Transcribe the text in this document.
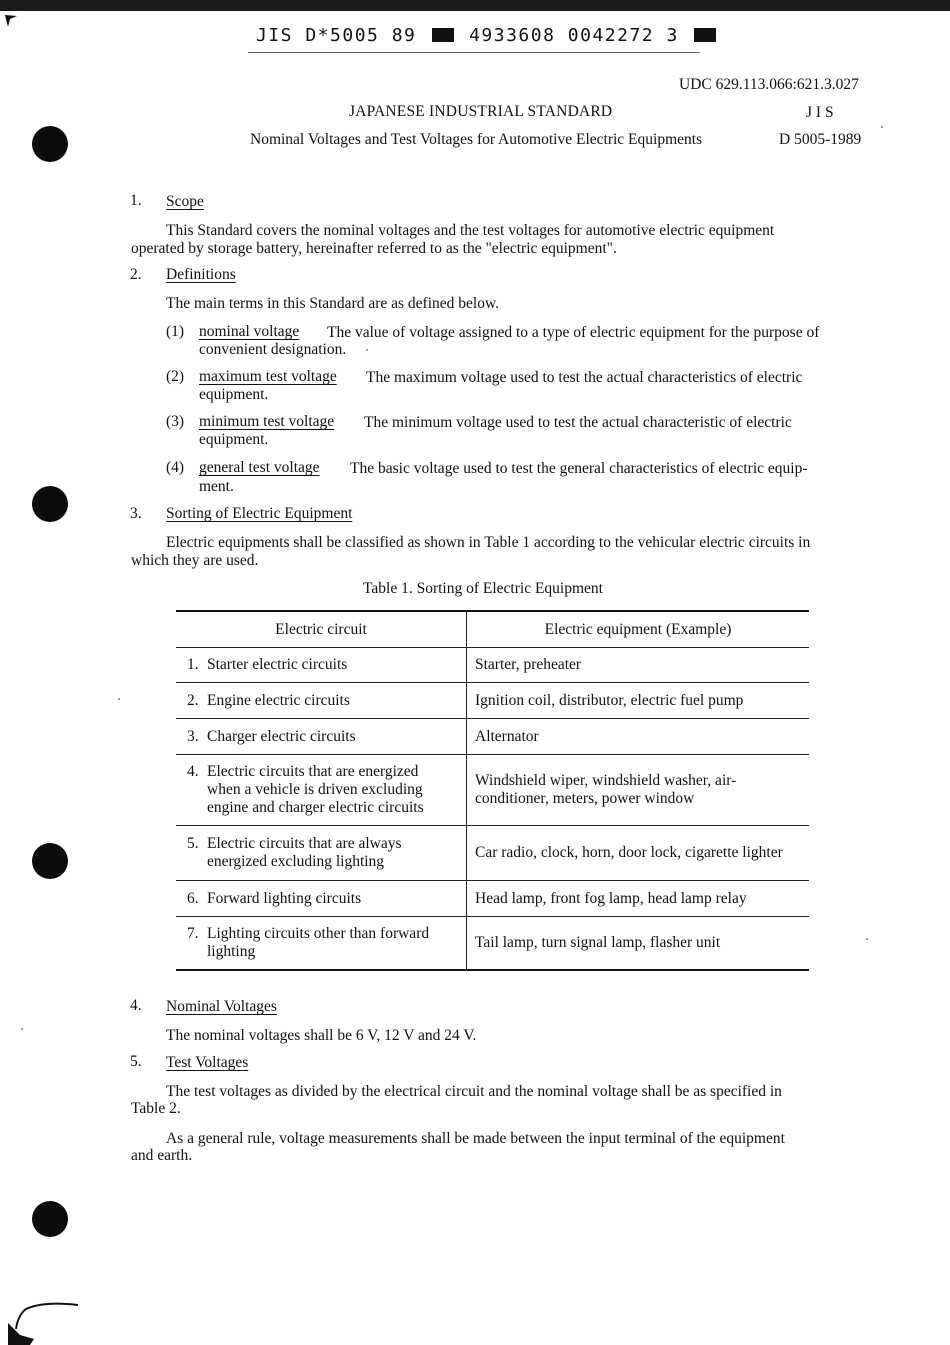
JIS D*5005 89	4933608 0042272 3
UDC 629.113.066:621.3.027
JAPANESE INDUSTRIAL STANDARD	J I S
Nominal Voltages and Test Voltages for Automotive Electric Equipments	D 5005-1989
1. Scope
This Standard covers the nominal voltages and the test voltages for automotive electric equipment
operated by storage battery, hereinafter referred to as the "electric equipment".
2. Definitions
The main terms in this Standard are as defined below.
(1) nominal voltage The value of voltage assigned to a type of electric equipment for the purpose of
convenient designation.
(2) maximum test voltage The maximum voltage used to test the actual characteristics of electric
equipment.
(3) minimum test voltage The minimum voltage used to test the actual characteristic of electric
equipment.
(4) general test voltage The basic voltage used to test the general characteristics of electric equip-
ment.
3. Sorting of Electric Equipment
Electric equipments shall be classified as shown in Table 1 according to the vehicular electric circuits in
which they are used.
Table 1. Sorting of Electric Equipment
Electric circuit	Electric equipment (Example)
1. Starter electric circuits	Starter, preheater
2. Engine electric circuits	Ignition coil, distributor, electric fuel pump
3. Charger electric circuits	Alternator
4. Electric circuits that are energized when a vehicle is driven excluding engine and charger electric circuits	Windshield wiper, windshield washer, air-conditioner, meters, power window
5. Electric circuits that are always energized excluding lighting	Car radio, clock, horn, door lock, cigarette lighter
6. Forward lighting circuits	Head lamp, front fog lamp, head lamp relay
7. Lighting circuits other than forward lighting	Tail lamp, turn signal lamp, flasher unit
4. Nominal Voltages
The nominal voltages shall be 6 V, 12 V and 24 V.
5. Test Voltages
The test voltages as divided by the electrical circuit and the nominal voltage shall be as specified in
Table 2.
As a general rule, voltage measurements shall be made between the input terminal of the equipment
and earth.
